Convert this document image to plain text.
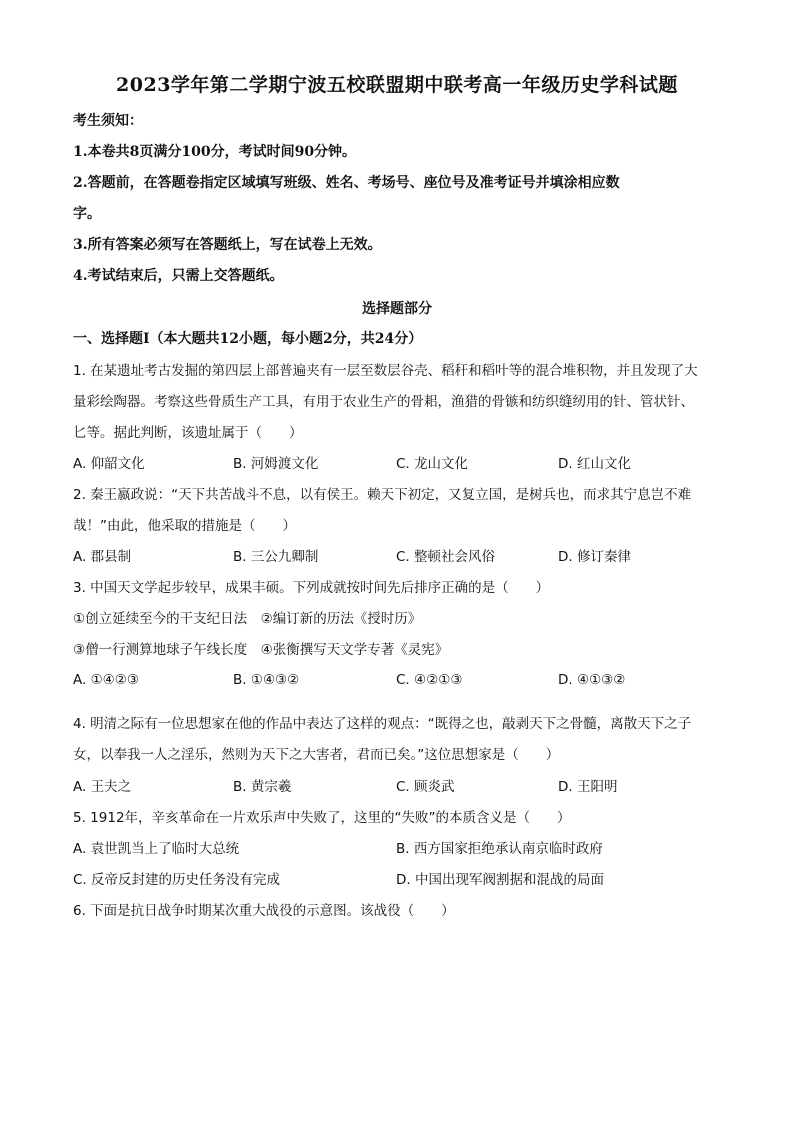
2023学年第二学期宁波五校联盟期中联考高一年级历史学科试题
考生须知：
1.本卷共8页满分100分，考试时间90分钟。
2.答题前，在答题卷指定区域填写班级、姓名、考场号、座位号及准考证号并填涂相应数
字。
3.所有答案必须写在答题纸上，写在试卷上无效。
4.考试结束后，只需上交答题纸。
选择题部分
一、选择题Ⅰ（本大题共12小题，每小题2分，共24分）
1. 在某遗址考古发掘的第四层上部普遍夹有一层至数层谷壳、稻秆和稻叶等的混合堆积物，并且发现了大
量彩绘陶器。考察这些骨质生产工具，有用于农业生产的骨耜，渔猎的骨镞和纺织缝纫用的针、管状针、
匕等。据此判断，该遗址属于（　　）
A. 仰韶文化	B. 河姆渡文化	C. 龙山文化	D. 红山文化
2. 秦王嬴政说：“天下共苦战斗不息，以有侯王。赖天下初定，又复立国，是树兵也，而求其宁息岂不难
哉！”由此，他采取的措施是（　　）
A. 郡县制	B. 三公九卿制	C. 整顿社会风俗	D. 修订秦律
3. 中国天文学起步较早，成果丰硕。下列成就按时间先后排序正确的是（　　）
①创立延续至今的干支纪日法　②编订新的历法《授时历》
③僧一行测算地球子午线长度　④张衡撰写天文学专著《灵宪》
A. ①④②③	B. ①④③②	C. ④②①③	D. ④①③②
4. 明清之际有一位思想家在他的作品中表达了这样的观点：“既得之也，敲剥天下之骨髓，离散天下之子
女，以奉我一人之淫乐，然则为天下之大害者，君而已矣。”这位思想家是（　　）
A. 王夫之	B. 黄宗羲	C. 顾炎武	D. 王阳明
5. 1912年，辛亥革命在一片欢乐声中失败了，这里的“失败”的本质含义是（　　）
A. 袁世凯当上了临时大总统	B. 西方国家拒绝承认南京临时政府
C. 反帝反封建的历史任务没有完成	D. 中国出现军阀割据和混战的局面
6. 下面是抗日战争时期某次重大战役的示意图。该战役（　　）
